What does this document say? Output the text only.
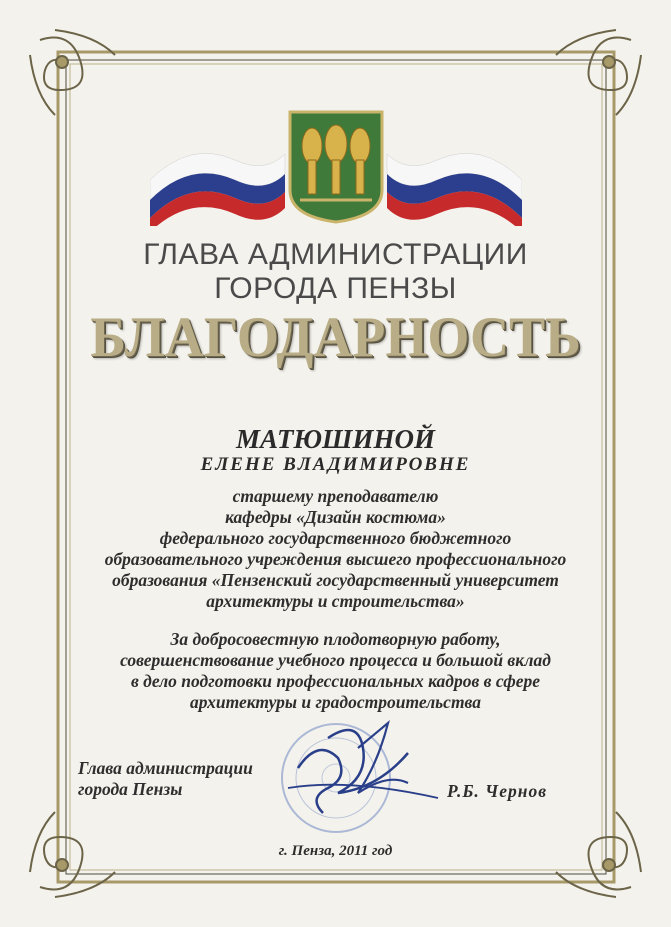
ГЛАВА АДМИНИСТРАЦИИ
ГОРОДА ПЕНЗЫ
БЛАГОДАРНОСТЬ
МАТЮШИНОЙ
ЕЛЕНЕ ВЛАДИМИРОВНЕ
старшему преподавателю
кафедры «Дизайн костюма»
федерального государственного бюджетного
образовательного учреждения высшего профессионального
образования «Пензенский государственный университет
архитектуры и строительства»
За добросовестную плодотворную работу,
совершенствование учебного процесса и большой вклад
в дело подготовки профессиональных кадров в сфере
архитектуры и градостроительства
Глава администрации
города Пензы	Р.Б. Чернов
г. Пенза, 2011 год
